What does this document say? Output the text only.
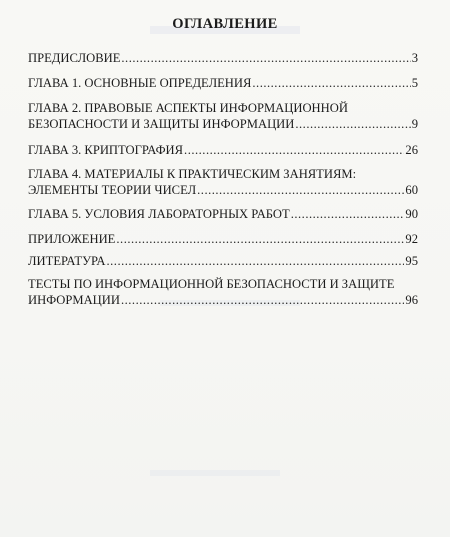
ОГЛАВЛЕНИЕ
ПРЕДИСЛОВИЕ .....	3
ГЛАВА 1. ОСНОВНЫЕ ОПРЕДЕЛЕНИЯ .....	5
ГЛАВА 2. ПРАВОВЫЕ АСПЕКТЫ ИНФОРМАЦИОННОЙ
БЕЗОПАСНОСТИ И ЗАЩИТЫ ИНФОРМАЦИИ .....	9
ГЛАВА 3. КРИПТОГРАФИЯ .....	26
ГЛАВА 4. МАТЕРИАЛЫ К ПРАКТИЧЕСКИМ ЗАНЯТИЯМ:
ЭЛЕМЕНТЫ ТЕОРИИ ЧИСЕЛ .....	60
ГЛАВА 5. УСЛОВИЯ ЛАБОРАТОРНЫХ РАБОТ .....	90
ПРИЛОЖЕНИЕ .....	92
ЛИТЕРАТУРА .....	95
ТЕСТЫ ПО ИНФОРМАЦИОННОЙ БЕЗОПАСНОСТИ И ЗАЩИТЕ
ИНФОРМАЦИИ .....	96
